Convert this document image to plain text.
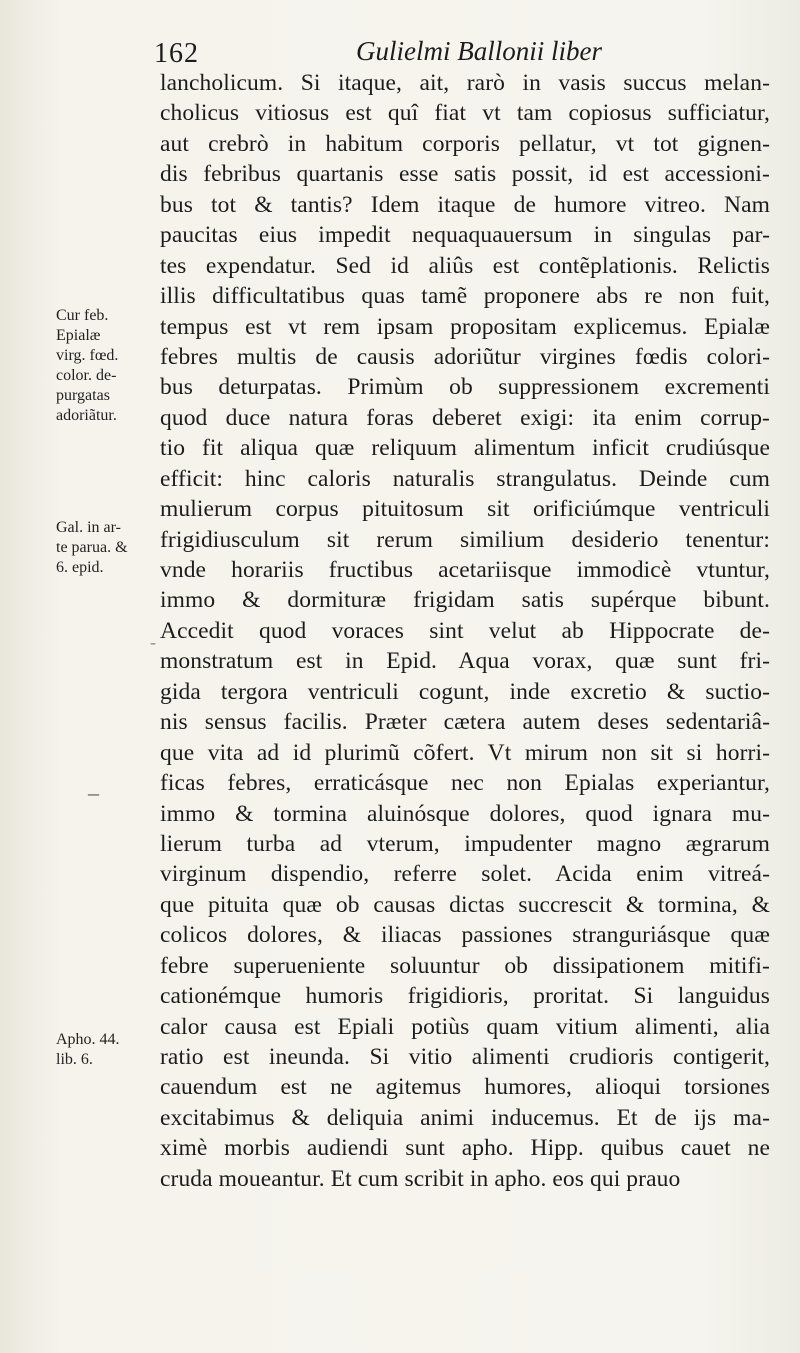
162	Gulielmi Ballonii liber
lancholicum. Si itaque, ait, rarò in vasis succus melan-
cholicus vitiosus est quî fiat vt tam copiosus sufficiatur,
aut crebrò in habitum corporis pellatur, vt tot gignen-
dis febribus quartanis esse satis possit, id est accessioni-
bus tot & tantis? Idem itaque de humore vitreo. Nam
paucitas eius impedit nequaquauersum in singulas par-
tes expendatur. Sed id aliûs est contẽplationis. Relictis
illis difficultatibus quas tamẽ proponere abs re non fuit,
tempus est vt rem ipsam propositam explicemus. Epialæ
febres multis de causis adoriũtur virgines fœdis colori-
bus deturpatas. Primùm ob suppressionem excrementi
quod duce natura foras deberet exigi: ita enim corrup-
tio fit aliqua quæ reliquum alimentum inficit crudiúsque
efficit: hinc caloris naturalis strangulatus. Deinde cum
mulierum corpus pituitosum sit orificiúmque ventriculi
frigidiusculum sit rerum similium desiderio tenentur:
vnde horariis fructibus acetariisque immodicè vtuntur,
immo & dormituræ frigidam satis supérque bibunt.
Accedit quod voraces sint velut ab Hippocrate de-
monstratum est in Epid. Aqua vorax, quæ sunt fri-
gida tergora ventriculi cogunt, inde excretio & suctio-
nis sensus facilis. Præter cætera autem deses sedentariâ-
que vita ad id plurimũ cõfert. Vt mirum non sit si horri-
ficas febres, erraticásque nec non Epialas experiantur,
immo & tormina aluinósque dolores, quod ignara mu-
lierum turba ad vterum, impudenter magno ægrarum
virginum dispendio, referre solet. Acida enim vitreá-
que pituita quæ ob causas dictas succrescit & tormina, &
colicos dolores, & iliacas passiones stranguriásque quæ
febre superueniente soluuntur ob dissipationem mitifi-
cationémque humoris frigidioris, proritat. Si languidus
calor causa est Epiali potiùs quam vitium alimenti, alia
ratio est ineunda. Si vitio alimenti crudioris contigerit,
cauendum est ne agitemus humores, alioqui torsiones
excitabimus & deliquia animi inducemus. Et de ijs ma-
ximè morbis audiendi sunt apho. Hipp. quibus cauet ne
cruda moueantur. Et cum scribit in apho. eos qui prauo
Cur feb.
Epialæ
virg. fœd.
color. de-
purgatas
adoriãtur.
Gal. in ar-
te parua. &
6. epid.
Apho. 44.
lib. 6.
-
–
